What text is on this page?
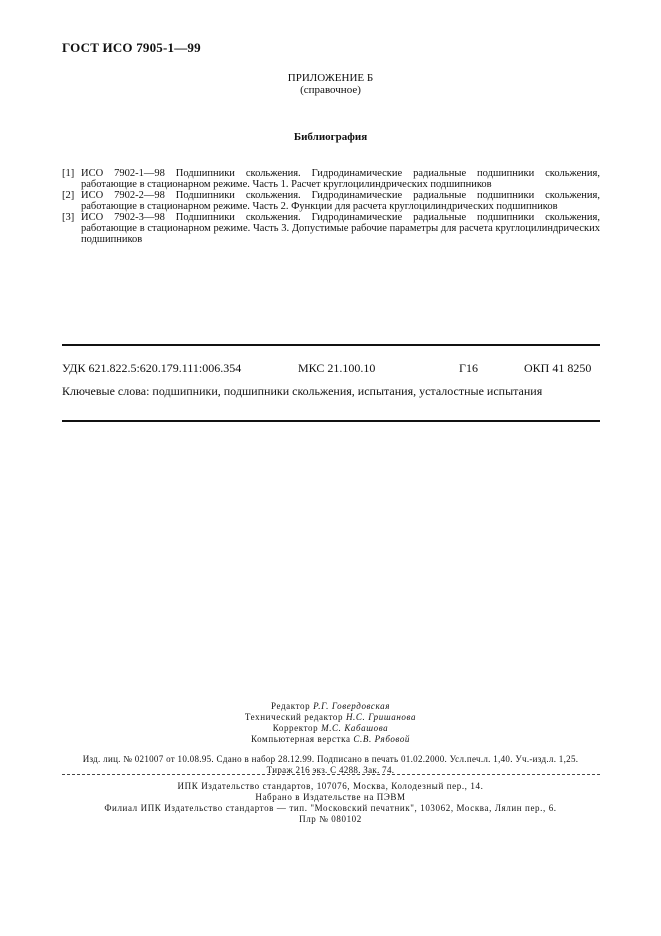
ГОСТ ИСО 7905-1—99
ПРИЛОЖЕНИЕ Б
(справочное)
Библиография
[1] ИСО 7902-1—98 Подшипники скольжения. Гидродинамические радиальные подшипники скольжения, работающие в стационарном режиме. Часть 1. Расчет круглоцилиндрических подшипников
[2] ИСО 7902-2—98 Подшипники скольжения. Гидродинамические радиальные подшипники скольжения, работающие в стационарном режиме. Часть 2. Функции для расчета круглоцилиндрических подшипников
[3] ИСО 7902-3—98 Подшипники скольжения. Гидродинамические радиальные подшипники скольжения, работающие в стационарном режиме. Часть 3. Допустимые рабочие параметры для расчета круглоцилиндрических подшипников
УДК 621.822.5:620.179.111:006.354	МКС 21.100.10	Г16	ОКП 41 8250
Ключевые слова: подшипники, подшипники скольжения, испытания, усталостные испытания
Редактор Р.Г. Говердовская
Технический редактор Н.С. Гришанова
Корректор М.С. Кабашова
Компьютерная верстка С.В. Рябовой
Изд. лиц. № 021007 от 10.08.95. Сдано в набор 28.12.99. Подписано в печать 01.02.2000. Усл.печ.л. 1,40. Уч.-изд.л. 1,25.
Тираж 216 экз. С 4288. Зак. 74.
ИПК Издательство стандартов, 107076, Москва, Колодезный пер., 14.
Набрано в Издательстве на ПЭВМ
Филиал ИПК Издательство стандартов — тип. "Московский печатник", 103062, Москва, Лялин пер., 6.
Плр № 080102
